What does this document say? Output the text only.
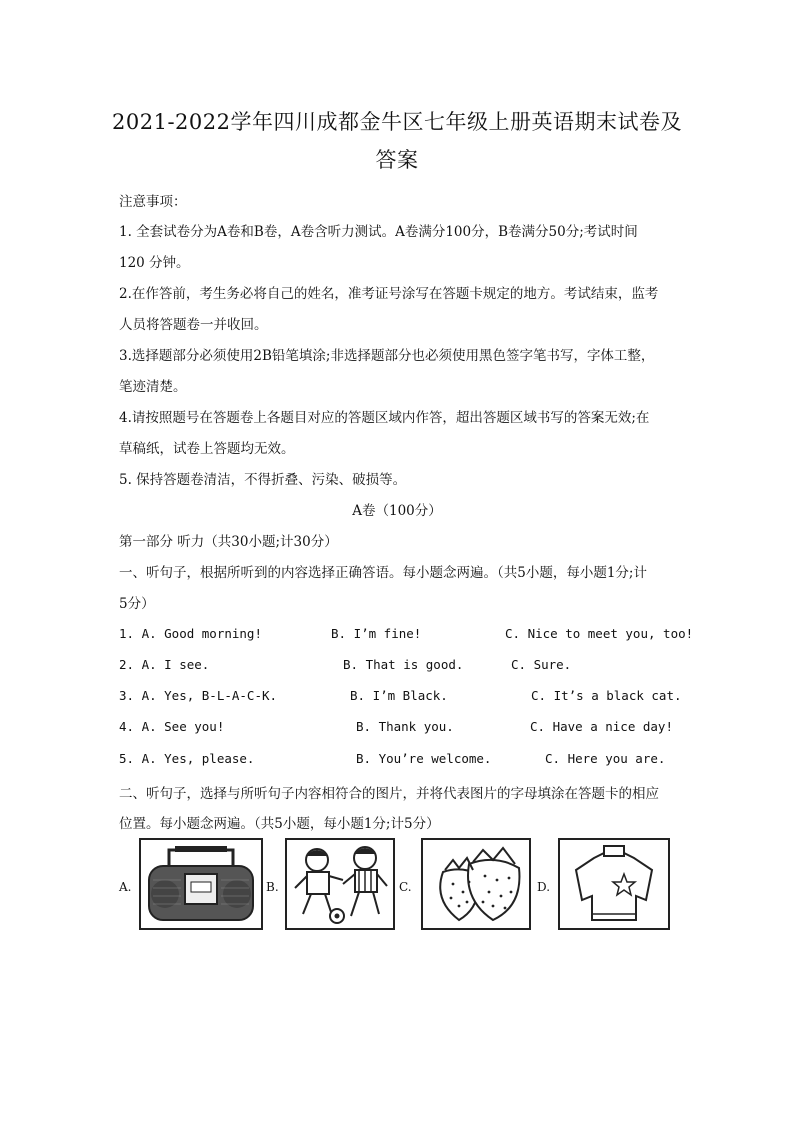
2021-2022学年四川成都金牛区七年级上册英语期末试卷及
答案
注意事项：
1. 全套试卷分为A卷和B卷，A卷含听力测试。A卷满分100分，B卷满分50分;考试时间
120 分钟。
2.在作答前，考生务必将自己的姓名，准考证号涂写在答题卡规定的地方。考试结束，监考
人员将答题卷一并收回。
3.选择题部分必须使用2B铅笔填涂;非选择题部分也必须使用黑色签字笔书写，字体工整，
笔迹清楚。
4.请按照题号在答题卷上各题目对应的答题区域内作答，超出答题区域书写的答案无效;在
草稿纸，试卷上答题均无效。
5. 保持答题卷清洁，不得折叠、污染、破损等。
A卷（100分）
第一部分 听力（共30小题;计30分）
一、听句子，根据所听到的内容选择正确答语。每小题念两遍。（共5小题，每小题1分;计
5分）
1. A. Good morning!	B. I’m fine!	C. Nice to meet you, too!
2. A. I see.	B. That is good.	C. Sure.
3. A. Yes, B-L-A-C-K.	B. I’m Black.	C. It’s a black cat.
4. A. See you!	B. Thank you.	C. Have a nice day!
5. A. Yes, please.	B. You’re welcome.	C. Here you are.
二、听句子，选择与所听句子内容相符合的图片，并将代表图片的字母填涂在答题卡的相应
位置。每小题念两遍。（共5小题，每小题1分;计5分）
A.	B.	C.	D.
